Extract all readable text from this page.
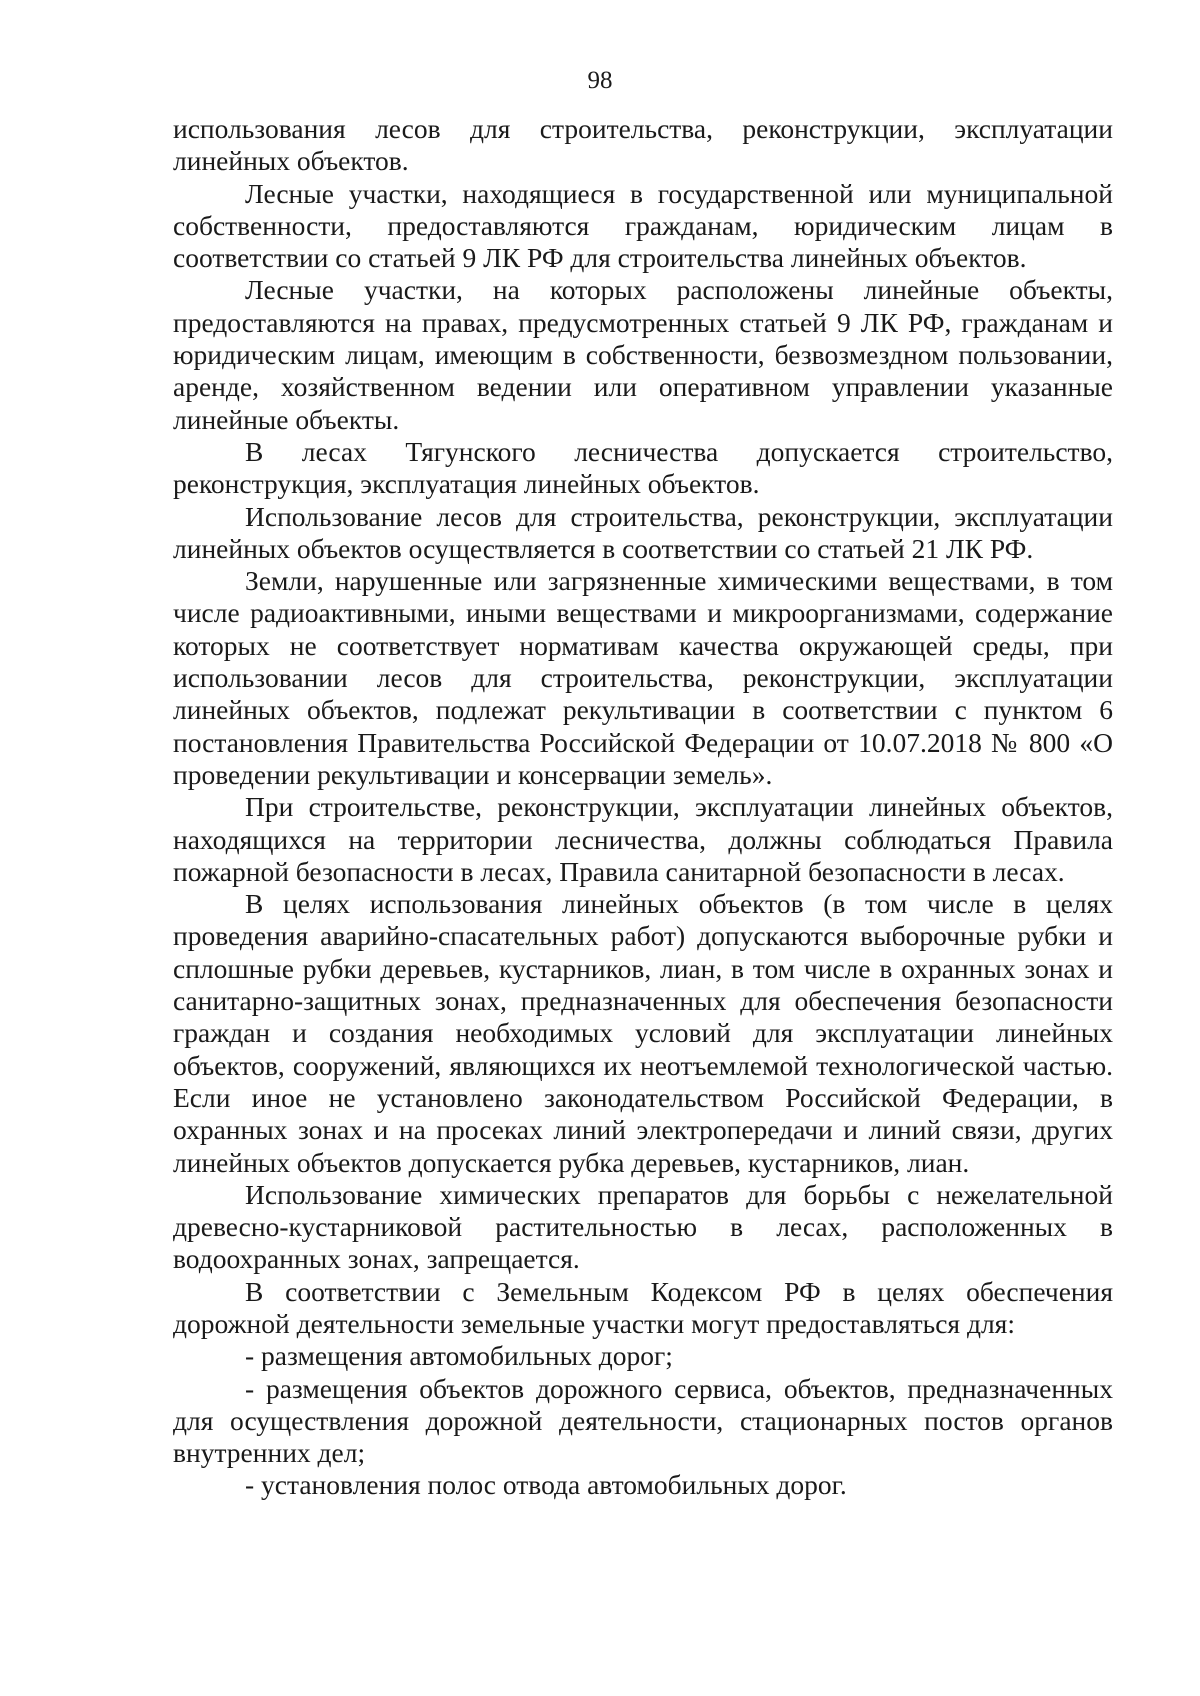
98

использования лесов для строительства, реконструкции, эксплуатации линейных объектов.

Лесные участки, находящиеся в государственной или муниципальной собственности, предоставляются гражданам, юридическим лицам в соответствии со статьей 9 ЛК РФ для строительства линейных объектов.

Лесные участки, на которых расположены линейные объекты, предоставляются на правах, предусмотренных статьей 9 ЛК РФ, гражданам и юридическим лицам, имеющим в собственности, безвозмездном пользовании, аренде, хозяйственном ведении или оперативном управлении указанные линейные объекты.

В лесах Тягунского лесничества допускается строительство, реконструкция, эксплуатация линейных объектов.

Использование лесов для строительства, реконструкции, эксплуатации линейных объектов осуществляется в соответствии со статьей 21 ЛК РФ.

Земли, нарушенные или загрязненные химическими веществами, в том числе радиоактивными, иными веществами и микроорганизмами, содержание которых не соответствует нормативам качества окружающей среды, при использовании лесов для строительства, реконструкции, эксплуатации линейных объектов, подлежат рекультивации в соответствии с пунктом 6 постановления Правительства Российской Федерации от 10.07.2018 № 800 «О проведении рекультивации и консервации земель».

При строительстве, реконструкции, эксплуатации линейных объектов, находящихся на территории лесничества, должны соблюдаться Правила пожарной безопасности в лесах, Правила санитарной безопасности в лесах.

В целях использования линейных объектов (в том числе в целях проведения аварийно-спасательных работ) допускаются выборочные рубки и сплошные рубки деревьев, кустарников, лиан, в том числе в охранных зонах и санитарно-защитных зонах, предназначенных для обеспечения безопасности граждан и создания необходимых условий для эксплуатации линейных объектов, сооружений, являющихся их неотъемлемой технологической частью. Если иное не установлено законодательством Российской Федерации, в охранных зонах и на просеках линий электропередачи и линий связи, других линейных объектов допускается рубка деревьев, кустарников, лиан.

Использование химических препаратов для борьбы с нежелательной древесно-кустарниковой растительностью в лесах, расположенных в водоохранных зонах, запрещается.

В соответствии с Земельным Кодексом РФ в целях обеспечения дорожной деятельности земельные участки могут предоставляться для:

- размещения автомобильных дорог;

- размещения объектов дорожного сервиса, объектов, предназначенных для осуществления дорожной деятельности, стационарных постов органов внутренних дел;

- установления полос отвода автомобильных дорог.
